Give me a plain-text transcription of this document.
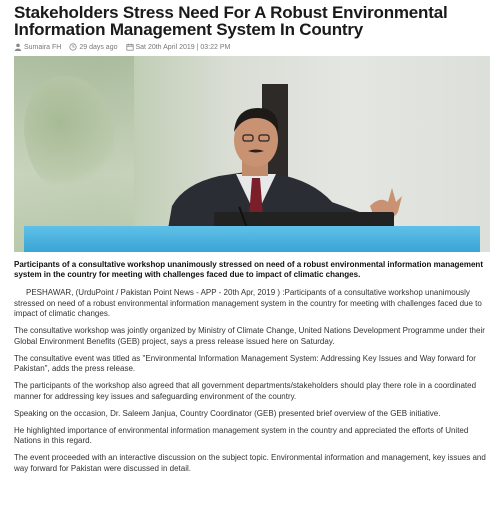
Stakeholders Stress Need For A Robust Environmental
Information Management System In Country
Sumaira FH	29 days ago	Sat 20th April 2019 | 03:22 PM

Participants of a consultative workshop unanimously stressed on need of a robust environmental information management system in the country for meeting with challenges faced due to impact of climatic changes.

PESHAWAR, (UrduPoint / Pakistan Point News - APP - 20th Apr, 2019 ) :Participants of a consultative workshop unanimously stressed on need of a robust environmental information management system in the country for meeting with challenges faced due to impact of climatic changes.

The consultative workshop was jointly organized by Ministry of Climate Change, United Nations Development Programme under their Global Environment Benefits (GEB) project, says a press release issued here on Saturday.

The consultative event was titled as "Environmental Information Management System: Addressing Key Issues and Way forward for Pakistan", adds the press release.

The participants of the workshop also agreed that all government departments/stakeholders should play there role in a coordinated manner for addressing key issues and safeguarding environment of the country.

Speaking on the occasion, Dr. Saleem Janjua, Country Coordinator (GEB) presented brief overview of the GEB initiative.

He highlighted importance of environmental information management system in the country and appreciated the efforts of United Nations in this regard.

The event proceeded with an interactive discussion on the subject topic. Environmental information and management, key issues and way forward for Pakistan were discussed in detail.
